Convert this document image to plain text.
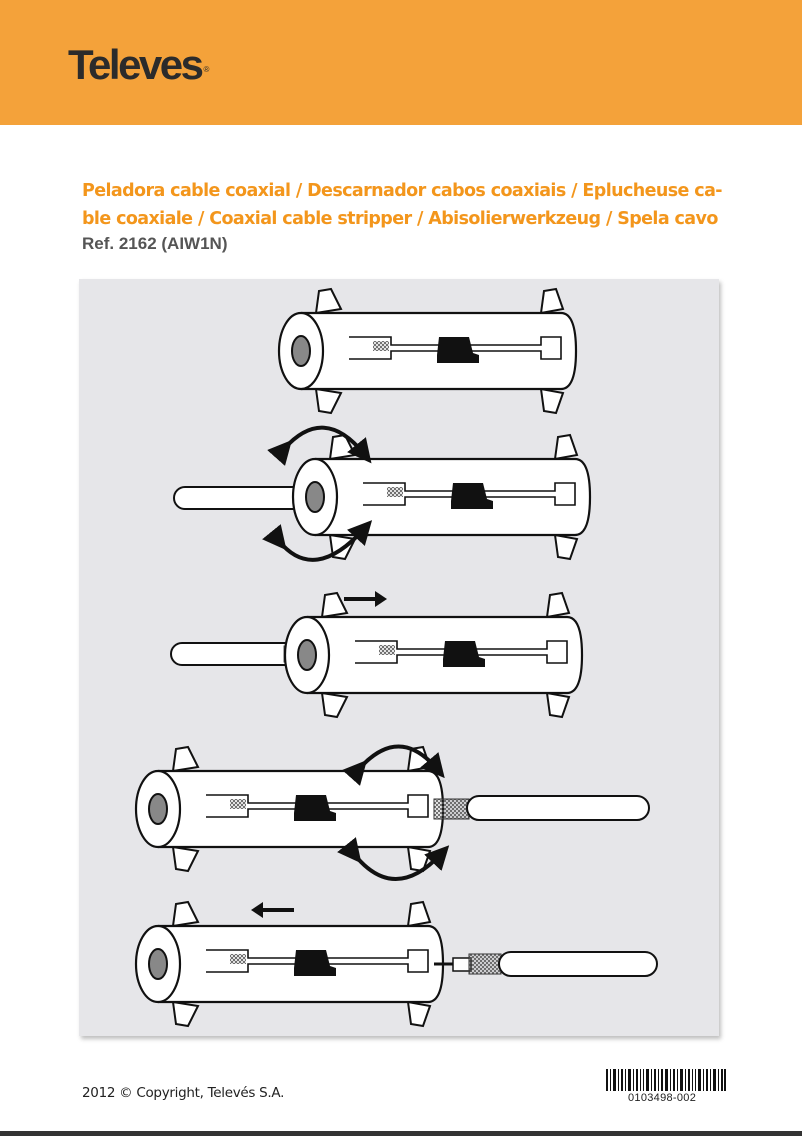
Televes ®
Peladora cable coaxial / Descarnador cabos coaxiais / Eplucheuse ca-
ble coaxiale / Coaxial cable stripper / Abisolierwerkzeug / Spela cavo
Ref. 2162 (AIW1N)
2012 © Copyright, Televés S.A.	0103498-002
